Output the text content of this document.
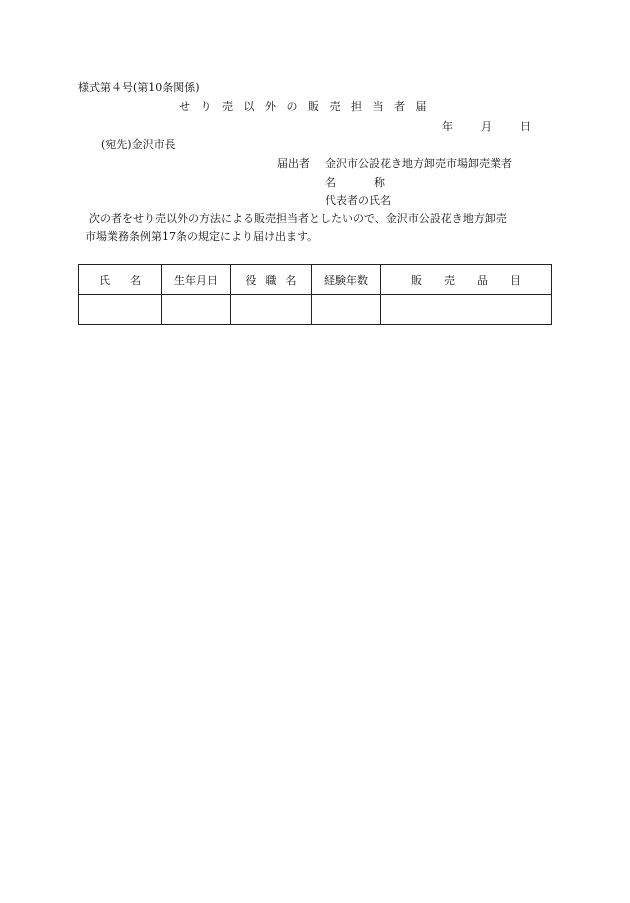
様式第４号(第10条関係)
せり売以外の販売担当者届
年	月	日
(宛先)金沢市長
届出者 金沢市公設花き地方卸売市場卸売業者
名	称
代表者の氏名
次の者をせり売以外の方法による販売担当者としたいので、金沢市公設花き地方卸売
市場業務条例第17条の規定により届け出ます。
氏名	生年月日	役職名	経験年数	販売品目
